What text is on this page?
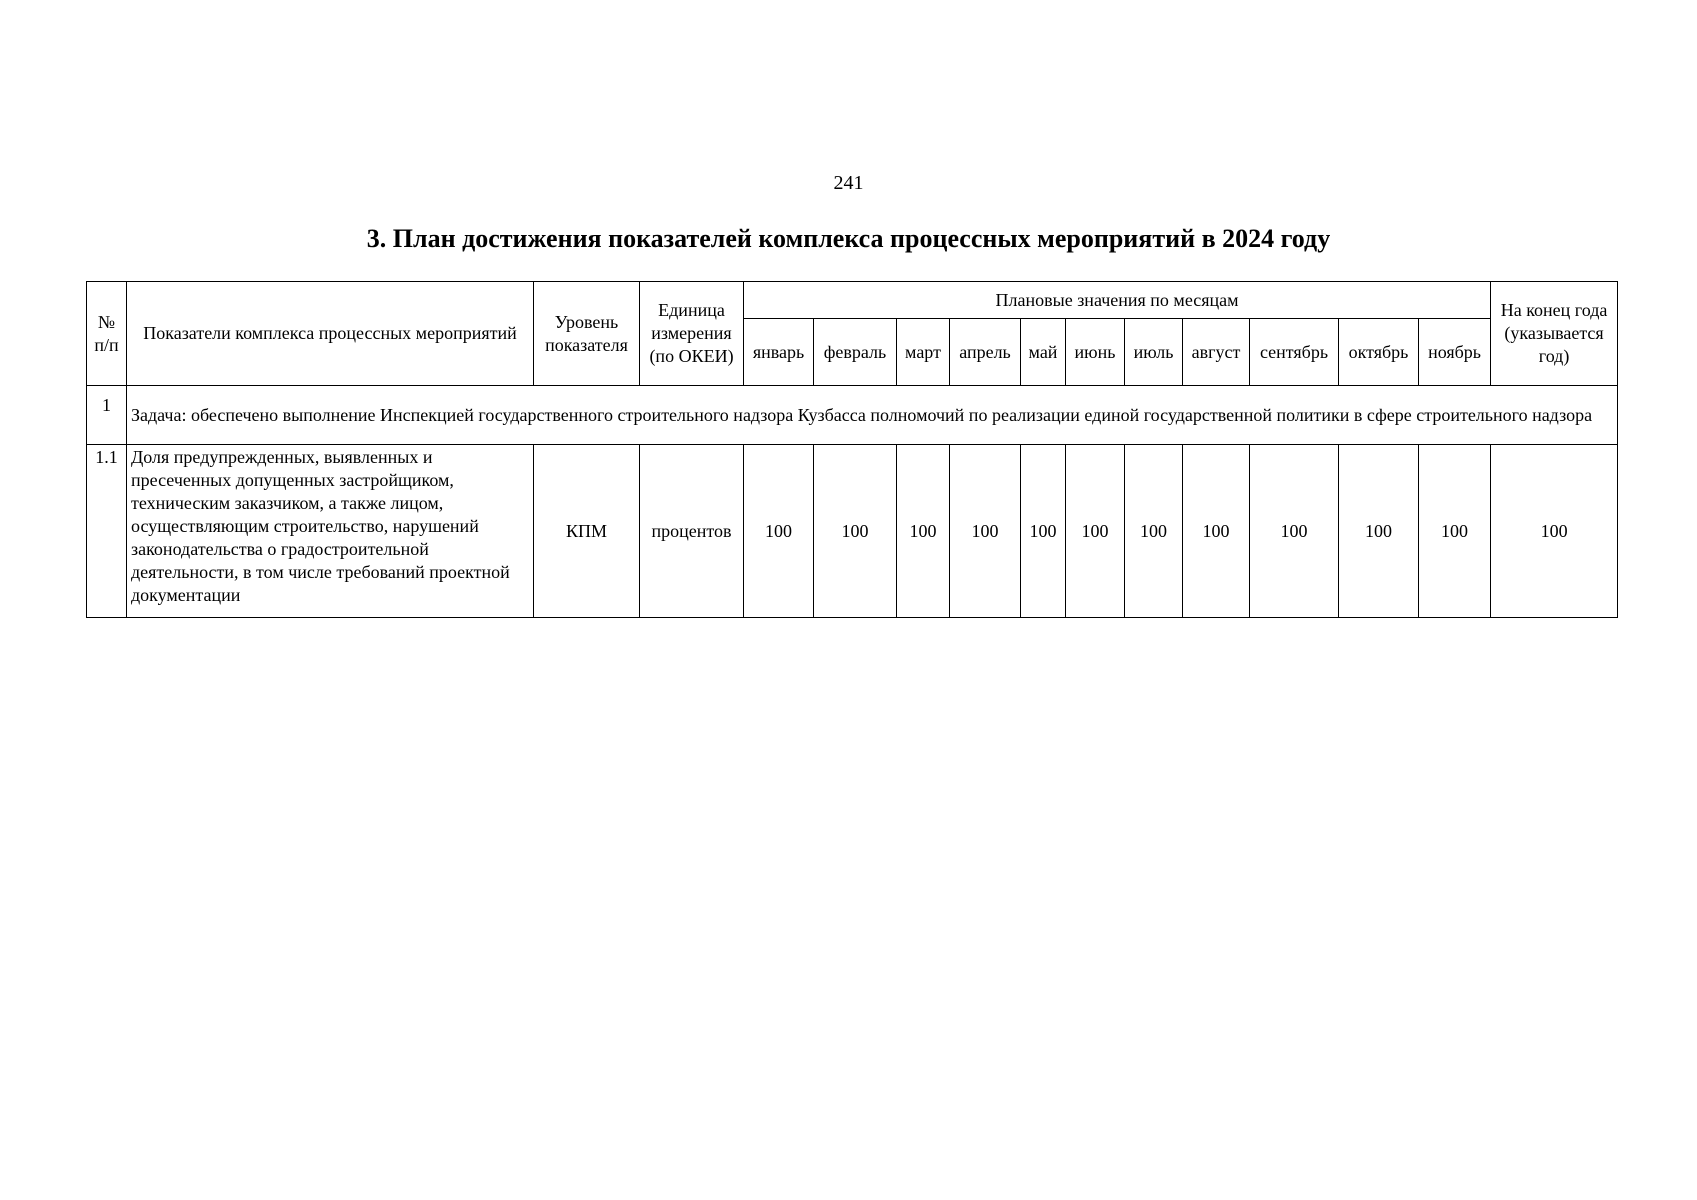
241
3. План достижения показателей комплекса процессных мероприятий в 2024 году
№ п/п	Показатели комплекса процессных мероприятий	Уровень показателя	Единица измерения (по ОКЕИ)	Плановые значения по месяцам											На конец года (указывается год)
				январь	февраль	март	апрель	май	июнь	июль	август	сентябрь	октябрь	ноябрь	
1	Задача: обеспечено выполнение Инспекцией государственного строительного надзора Кузбасса полномочий по реализации единой государственной политики в сфере строительного надзора														
1.1	Доля предупрежденных, выявленных и пресеченных допущенных застройщиком, техническим заказчиком, а также лицом, осуществляющим строительство, нарушений законодательства о градостроительной деятельности, в том числе требований проектной документации	КПМ	процентов	100	100	100	100	100	100	100	100	100	100	100	100
